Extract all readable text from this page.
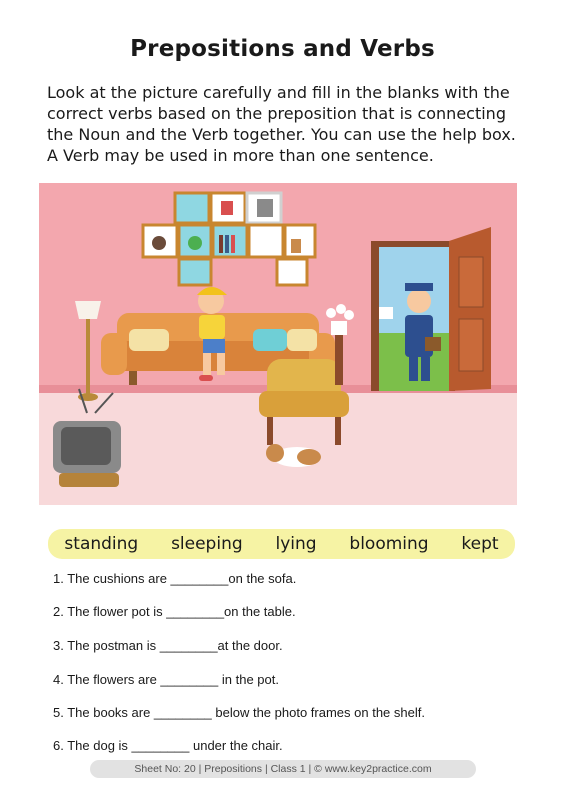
Prepositions and Verbs
Look at the picture carefully and fill in the blanks with the correct verbs based on the preposition that is connecting the Noun and the Verb together. You can use the help box. A Verb may be used in more than one sentence.
standing sleeping lying blooming kept
1. The cushions are ________on the sofa.
2. The flower pot is ________on the table.
3. The postman is ________at the door.
4. The flowers are ________ in the pot.
5. The books are ________ below the photo frames on the shelf.
6. The dog is ________ under the chair.
Sheet No: 20 | Prepositions | Class 1 | © www.key2practice.com
